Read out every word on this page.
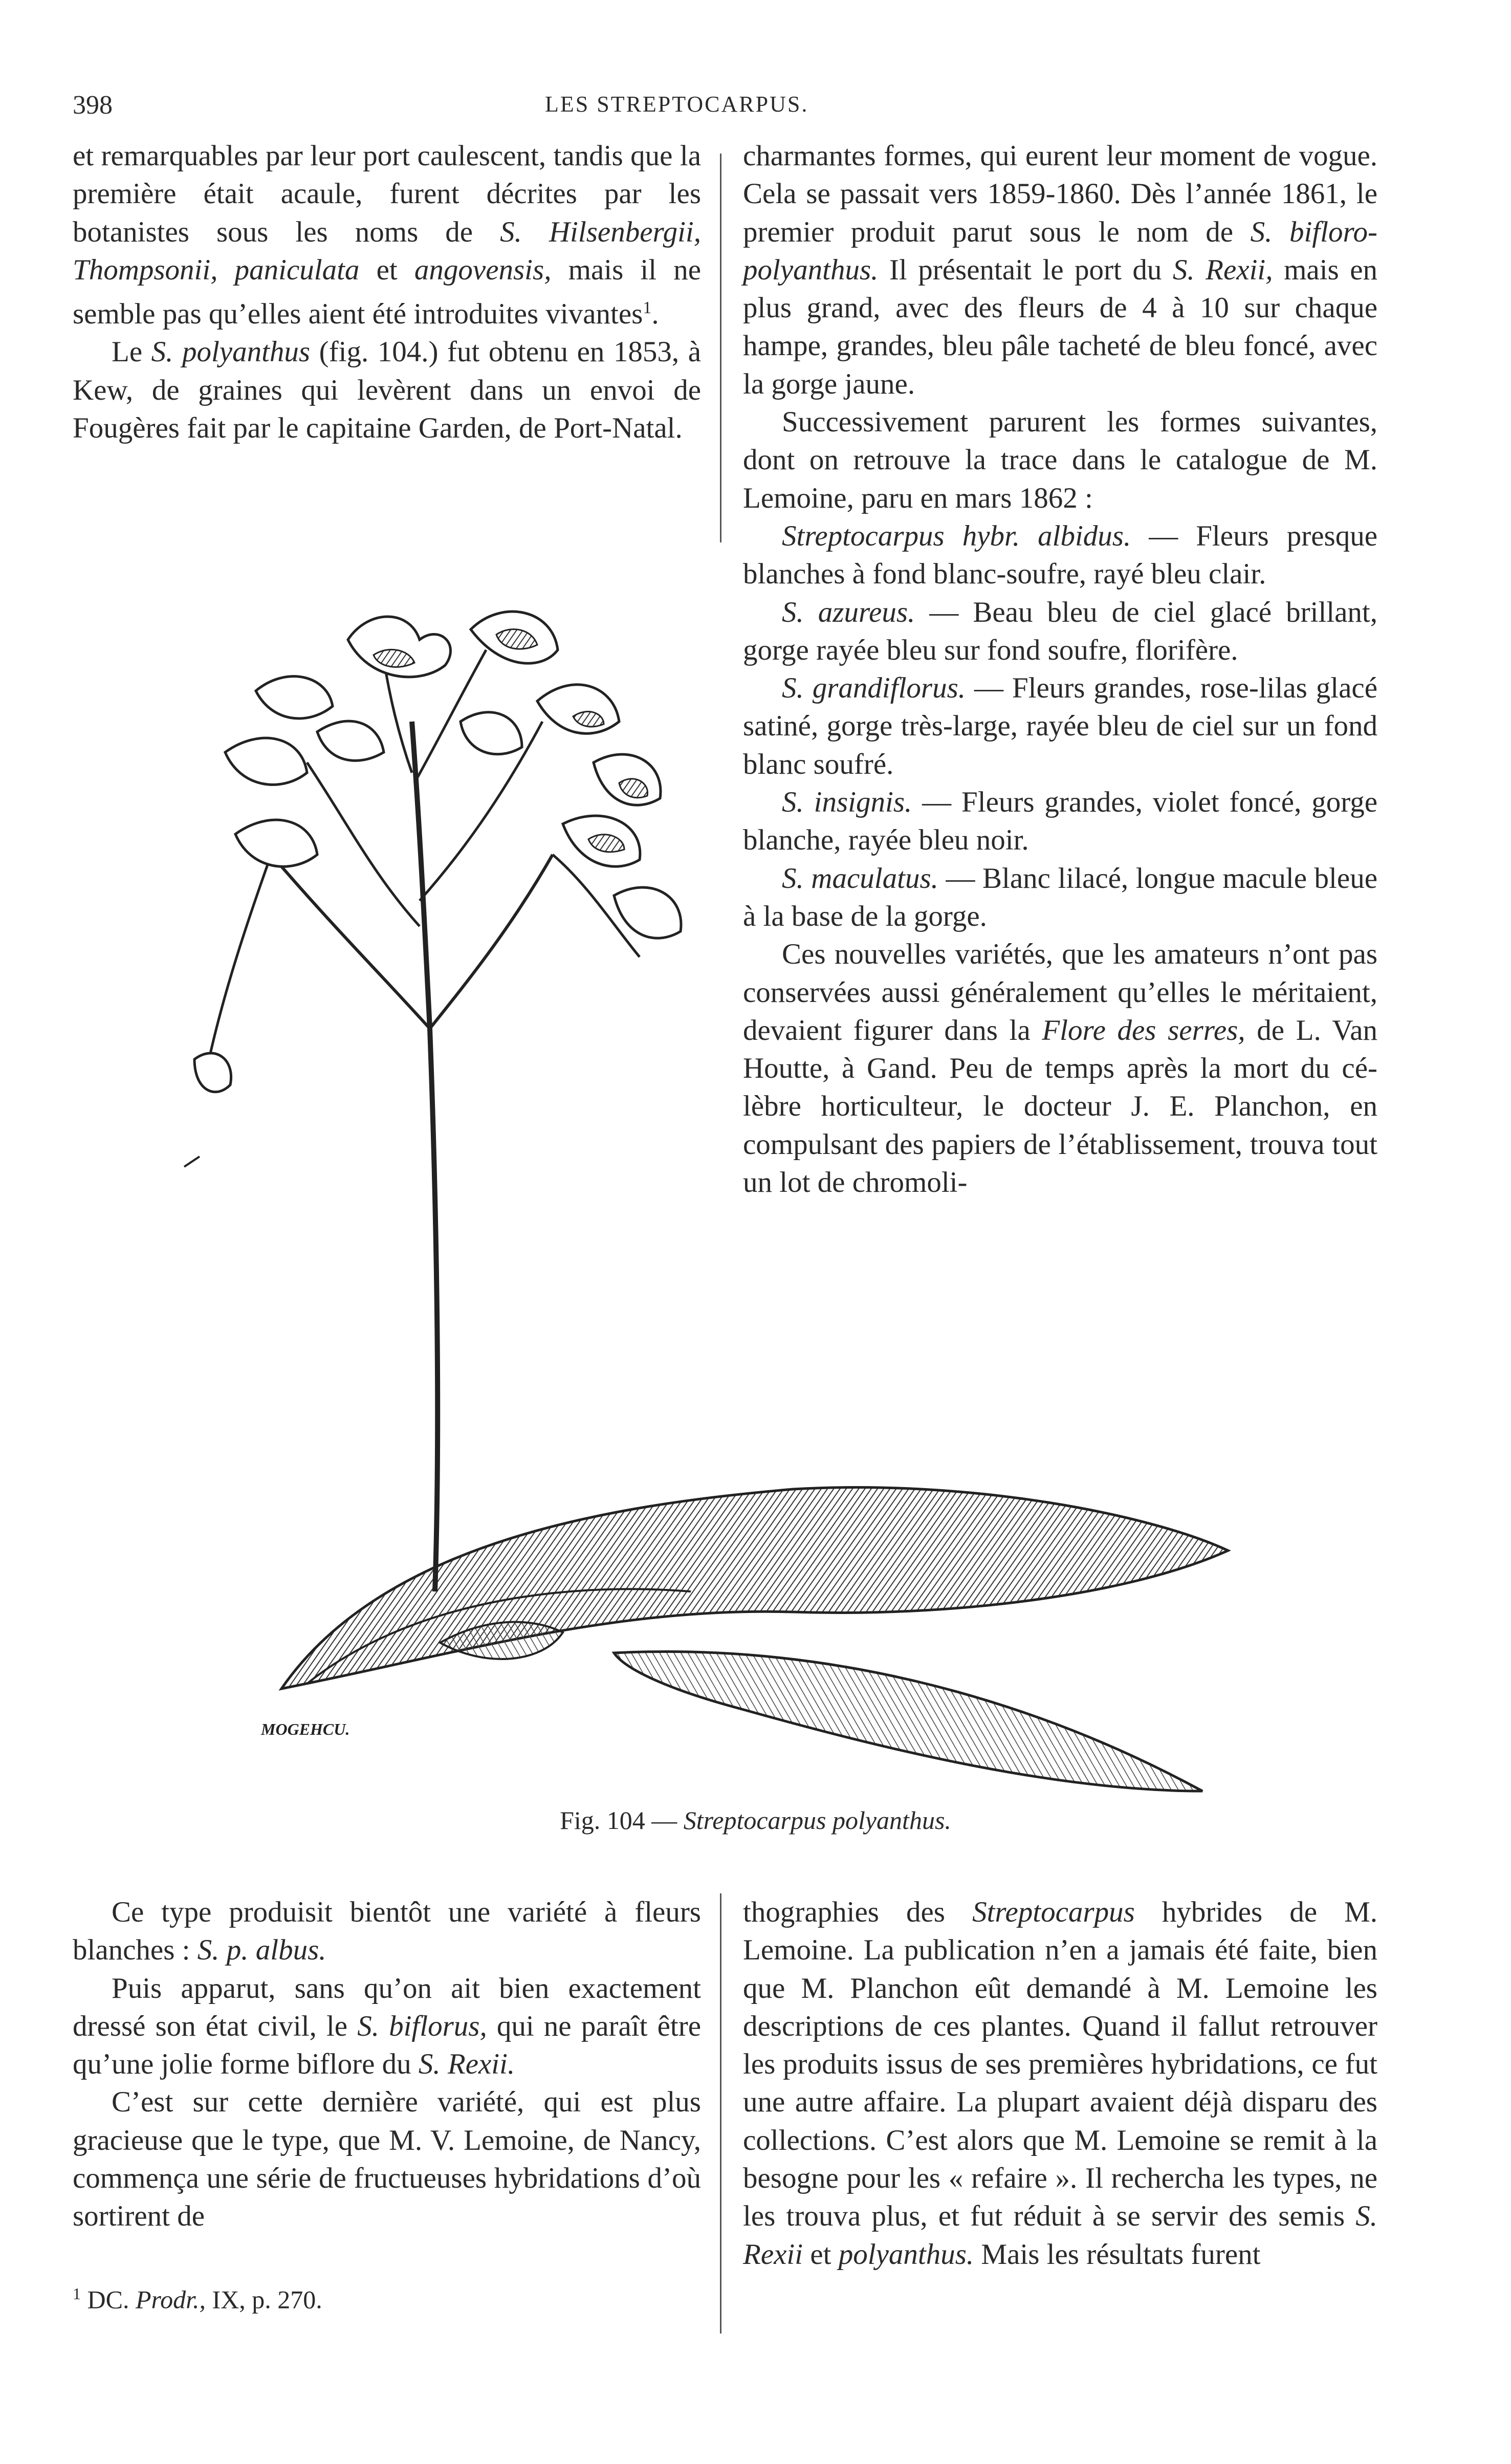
398	LES STREPTOCARPUS.

et remarquables par leur port caulescent, tandis que la première était acaule, furent décrites par les botanistes sous les noms de S. Hilsenbergii, Thompsonii, paniculata et angovensis, mais il ne semble pas qu’elles aient été introduites vivantes$^1$.

Le S. polyanthus (fig. 104.) fut obtenu en 1853, à Kew, de graines qui levèrent dans un envoi de Fougères fait par le capitaine Garden, de Port-Natal.

charmantes formes, qui eurent leur moment de vogue. Cela se passait vers 1859-1860. Dès l’année 1861, le premier produit parut sous le nom de S. bifloro-polyanthus. Il présentait le port du S. Rexii, mais en plus grand, avec des fleurs de 4 à 10 sur chaque hampe, grandes, bleu pâle tacheté de bleu foncé, avec la gorge jaune.

Successivement parurent les formes suivantes, dont on retrouve la trace dans le catalogue de M. Lemoine, paru en mars 1862 :

Streptocarpus hybr. albidus. — Fleurs presque blanches à fond blanc-soufre, rayé bleu clair.

S. azureus. — Beau bleu de ciel glacé brillant, gorge rayée bleu sur fond soufre, florifère.

S. grandiflorus. — Fleurs grandes, rose-lilas glacé satiné, gorge très-large, rayée bleu de ciel sur un fond blanc soufré.

S. insignis. — Fleurs grandes, violet foncé, gorge blanche, rayée bleu noir.

S. maculatus. — Blanc lilacé, longue macule bleue à la base de la gorge.

Ces nouvelles variétés, que les amateurs n’ont pas conservées aussi généralement qu’elles le méritaient, devaient figurer dans la Flore des serres, de L. Van Houtte, à Gand. Peu de temps après la mort du célèbre horticulteur, le docteur J. E. Planchon, en compulsant des papiers de l’établissement, trouva tout un lot de chromoli-

MOGEHCU.
Fig. 104 — Streptocarpus polyanthus.

Ce type produisit bientôt une variété à fleurs blanches : S. p. albus.

Puis apparut, sans qu’on ait bien exactement dressé son état civil, le S. biflorus, qui ne paraît être qu’une jolie forme biflore du S. Rexii.

C’est sur cette dernière variété, qui est plus gracieuse que le type, que M. V. Lemoine, de Nancy, commença une série de fructueuses hybridations d’où sortirent de

$^1$ DC. Prodr., IX, p. 270.

thographies des Streptocarpus hybrides de M. Lemoine. La publication n’en a jamais été faite, bien que M. Planchon eût demandé à M. Lemoine les descriptions de ces plantes. Quand il fallut retrouver les produits issus de ses premières hybridations, ce fut une autre affaire. La plupart avaient déjà disparu des collections. C’est alors que M. Lemoine se remit à la besogne pour les « refaire ». Il rechercha les types, ne les trouva plus, et fut réduit à se servir des semis S. Rexii et polyanthus. Mais les résultats furent
